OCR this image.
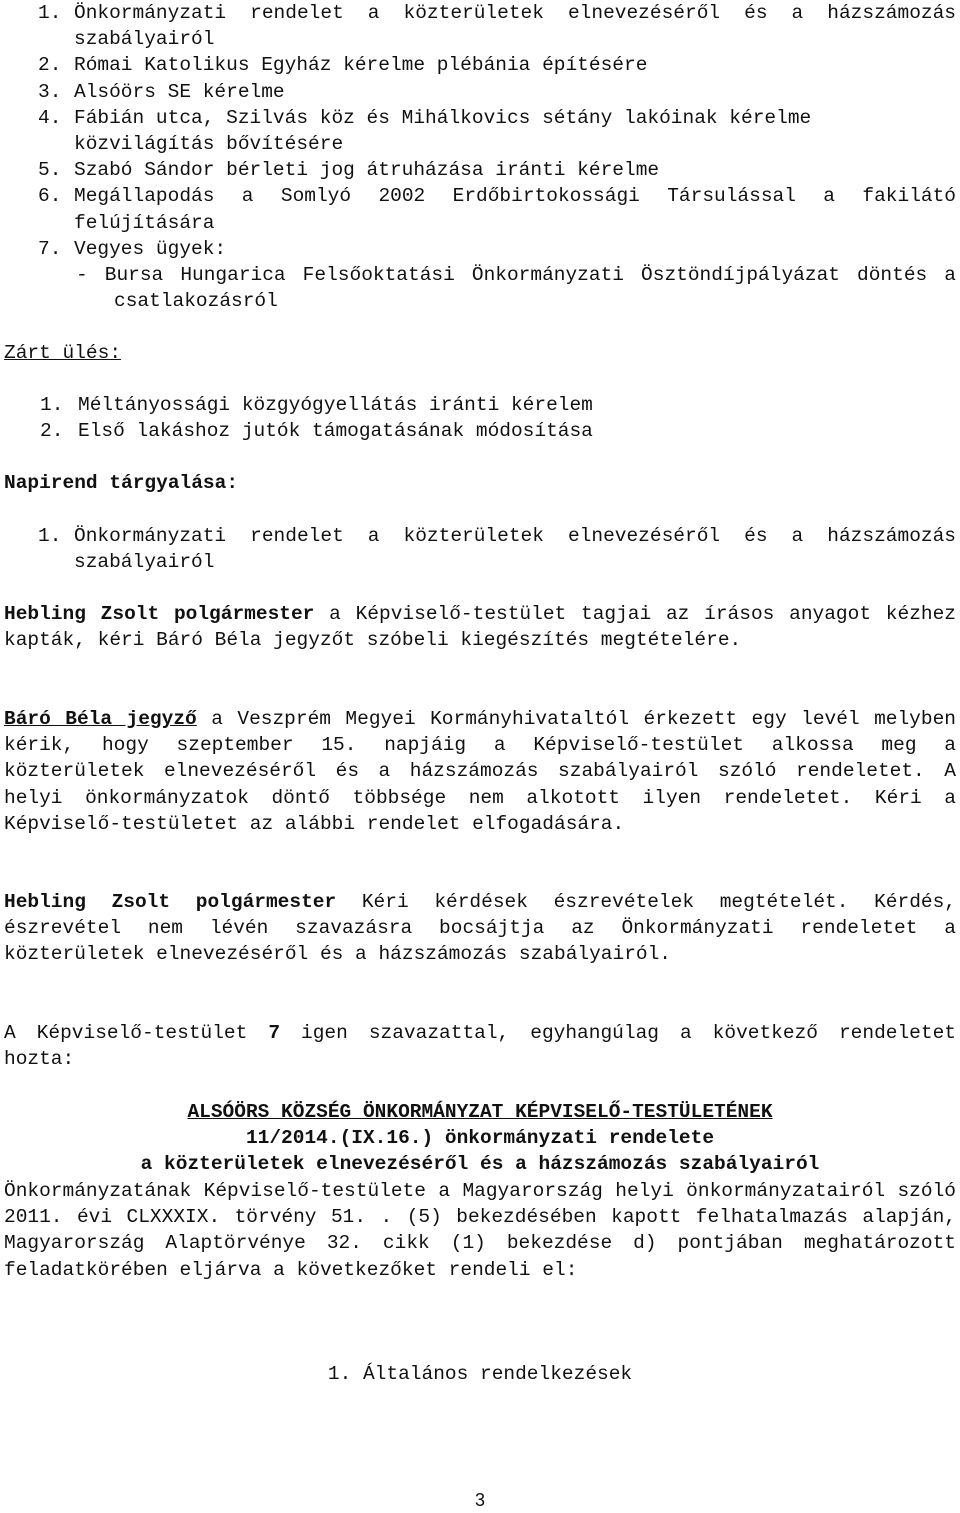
1. Önkormányzati rendelet a közterületek elnevezéséről és a házszámozás szabályairól
2. Római Katolikus Egyház kérelme plébánia építésére
3. Alsóörs SE kérelme
4. Fábián utca, Szilvás köz és Mihálkovics sétány lakóinak kérelme közvilágítás bővítésére
5. Szabó Sándor bérleti jog átruházása iránti kérelme
6. Megállapodás a Somlyó 2002 Erdőbirtokossági Társulással a fakilátó felújítására
7. Vegyes ügyek:
- Bursa Hungarica Felsőoktatási Önkormányzati Ösztöndíjpályázat döntés a csatlakozásról
Zárt ülés:
1. Méltányossági közgyógyellátás iránti kérelem
2. Első lakáshoz jutók támogatásának módosítása
Napirend tárgyalása:
1. Önkormányzati rendelet a közterületek elnevezéséről és a házszámozás szabályairól
Hebling Zsolt polgármester a Képviselő-testület tagjai az írásos anyagot kézhez kapták, kéri Báró Béla jegyzőt szóbeli kiegészítés megtételére.
Báró Béla jegyző a Veszprém Megyei Kormányhivataltól érkezett egy levél melyben kérik, hogy szeptember 15. napjáig a Képviselő-testület alkossa meg a közterületek elnevezéséről és a házszámozás szabályairól szóló rendeletet. A helyi önkormányzatok döntő többsége nem alkotott ilyen rendeletet. Kéri a Képviselő-testületet az alábbi rendelet elfogadására.
Hebling Zsolt polgármester Kéri kérdések észrevételek megtételét. Kérdés, észrevétel nem lévén szavazásra bocsájtja az Önkormányzati rendeletet a közterületek elnevezéséről és a házszámozás szabályairól.
A Képviselő-testület 7 igen szavazattal, egyhangúlag a következő rendeletet hozta:
ALSÓÖRS KÖZSÉG ÖNKORMÁNYZAT KÉPVISELŐ-TESTÜLETÉNEK
11/2014.(IX.16.) önkormányzati rendelete
a közterületek elnevezéséről és a házszámozás szabályairól
Önkormányzatának Képviselő-testülete a Magyarország helyi önkormányzatairól szóló 2011. évi CLXXXIX. törvény 51. . (5) bekezdésében kapott felhatalmazás alapján, Magyarország Alaptörvénye 32. cikk (1) bekezdése d) pontjában meghatározott feladatkörében eljárva a következőket rendeli el:
1. Általános rendelkezések
3
